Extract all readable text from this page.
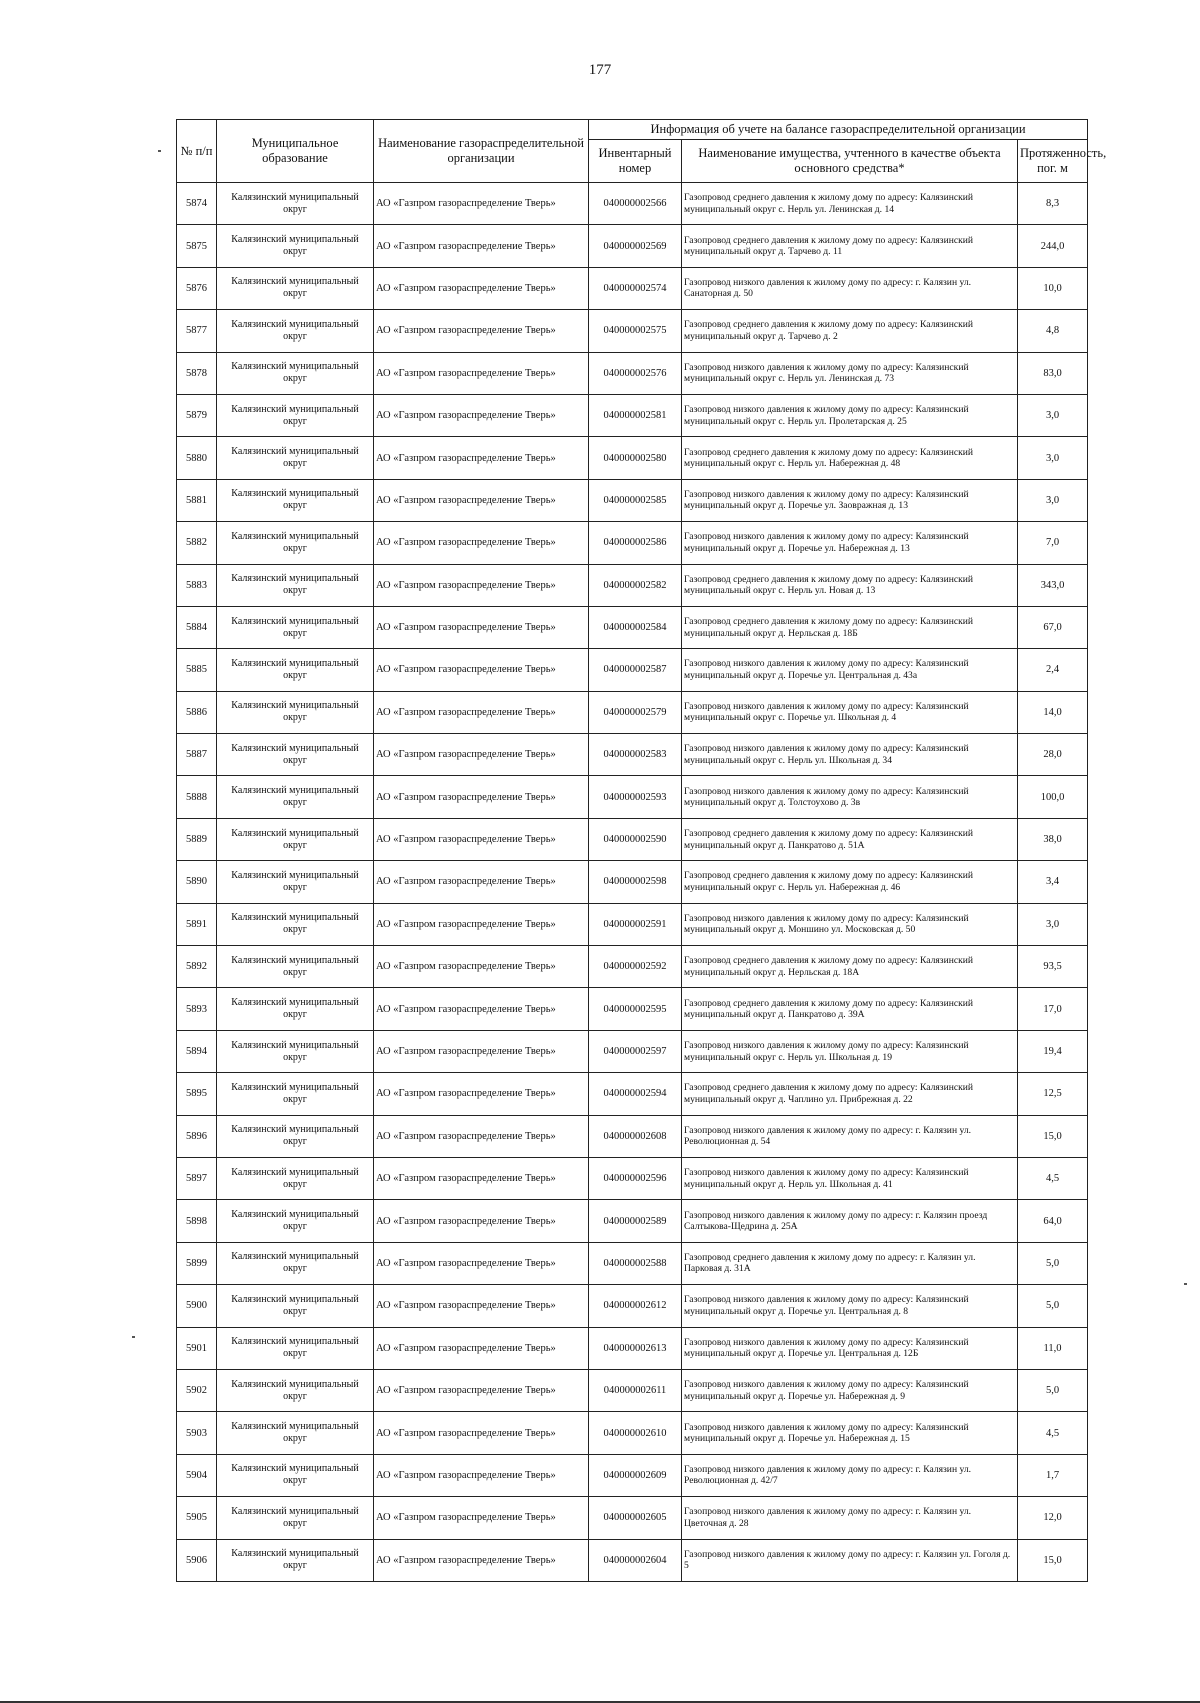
177
№ п/п	Муниципальное образование	Наименование газораспределительной организации	Информация об учете на балансе газораспределительной организации		
			Инвентарный номер	Наименование имущества, учтенного в качестве объекта основного средства*	Протяженность, пог. м
5874	Калязинский муниципальный округ	АО «Газпром газораспределение Тверь»	040000002566	Газопровод среднего давления к жилому дому по адресу: Калязинский муниципальный округ с. Нерль ул. Ленинская д. 14	8,3
5875	Калязинский муниципальный округ	АО «Газпром газораспределение Тверь»	040000002569	Газопровод среднего давления к жилому дому по адресу: Калязинский муниципальный округ д. Тарчево д. 11	244,0
5876	Калязинский муниципальный округ	АО «Газпром газораспределение Тверь»	040000002574	Газопровод низкого давления к жилому дому по адресу: г. Калязин ул. Санаторная д. 50	10,0
5877	Калязинский муниципальный округ	АО «Газпром газораспределение Тверь»	040000002575	Газопровод среднего давления к жилому дому по адресу: Калязинский муниципальный округ д. Тарчево д. 2	4,8
5878	Калязинский муниципальный округ	АО «Газпром газораспределение Тверь»	040000002576	Газопровод низкого давления к жилому дому по адресу: Калязинский муниципальный округ с. Нерль ул. Ленинская д. 73	83,0
5879	Калязинский муниципальный округ	АО «Газпром газораспределение Тверь»	040000002581	Газопровод низкого давления к жилому дому по адресу: Калязинский муниципальный округ с. Нерль ул. Пролетарская д. 25	3,0
5880	Калязинский муниципальный округ	АО «Газпром газораспределение Тверь»	040000002580	Газопровод среднего давления к жилому дому по адресу: Калязинский муниципальный округ с. Нерль ул. Набережная д. 48	3,0
5881	Калязинский муниципальный округ	АО «Газпром газораспределение Тверь»	040000002585	Газопровод низкого давления к жилому дому по адресу: Калязинский муниципальный округ д. Поречье ул. Заовражная д. 13	3,0
5882	Калязинский муниципальный округ	АО «Газпром газораспределение Тверь»	040000002586	Газопровод низкого давления к жилому дому по адресу: Калязинский муниципальный округ д. Поречье ул. Набережная д. 13	7,0
5883	Калязинский муниципальный округ	АО «Газпром газораспределение Тверь»	040000002582	Газопровод среднего давления к жилому дому по адресу: Калязинский муниципальный округ с. Нерль ул. Новая д. 13	343,0
5884	Калязинский муниципальный округ	АО «Газпром газораспределение Тверь»	040000002584	Газопровод среднего давления к жилому дому по адресу: Калязинский муниципальный округ д. Нерльская д. 18Б	67,0
5885	Калязинский муниципальный округ	АО «Газпром газораспределение Тверь»	040000002587	Газопровод низкого давления к жилому дому по адресу: Калязинский муниципальный округ д. Поречье ул. Центральная д. 43а	2,4
5886	Калязинский муниципальный округ	АО «Газпром газораспределение Тверь»	040000002579	Газопровод низкого давления к жилому дому по адресу: Калязинский муниципальный округ с. Поречье ул. Школьная д. 4	14,0
5887	Калязинский муниципальный округ	АО «Газпром газораспределение Тверь»	040000002583	Газопровод низкого давления к жилому дому по адресу: Калязинский муниципальный округ с. Нерль ул. Школьная д. 34	28,0
5888	Калязинский муниципальный округ	АО «Газпром газораспределение Тверь»	040000002593	Газопровод низкого давления к жилому дому по адресу: Калязинский муниципальный округ д. Толстоухово д. 3в	100,0
5889	Калязинский муниципальный округ	АО «Газпром газораспределение Тверь»	040000002590	Газопровод среднего давления к жилому дому по адресу: Калязинский муниципальный округ д. Панкратово д. 51А	38,0
5890	Калязинский муниципальный округ	АО «Газпром газораспределение Тверь»	040000002598	Газопровод среднего давления к жилому дому по адресу: Калязинский муниципальный округ с. Нерль ул. Набережная д. 46	3,4
5891	Калязинский муниципальный округ	АО «Газпром газораспределение Тверь»	040000002591	Газопровод низкого давления к жилому дому по адресу: Калязинский муниципальный округ д. Моншино ул. Московская д. 50	3,0
5892	Калязинский муниципальный округ	АО «Газпром газораспределение Тверь»	040000002592	Газопровод среднего давления к жилому дому по адресу: Калязинский муниципальный округ д. Нерльская д. 18А	93,5
5893	Калязинский муниципальный округ	АО «Газпром газораспределение Тверь»	040000002595	Газопровод среднего давления к жилому дому по адресу: Калязинский муниципальный округ д. Панкратово д. 39А	17,0
5894	Калязинский муниципальный округ	АО «Газпром газораспределение Тверь»	040000002597	Газопровод низкого давления к жилому дому по адресу: Калязинский муниципальный округ с. Нерль ул. Школьная д. 19	19,4
5895	Калязинский муниципальный округ	АО «Газпром газораспределение Тверь»	040000002594	Газопровод среднего давления к жилому дому по адресу: Калязинский муниципальный округ д. Чаплино ул. Прибрежная д. 22	12,5
5896	Калязинский муниципальный округ	АО «Газпром газораспределение Тверь»	040000002608	Газопровод низкого давления к жилому дому по адресу: г. Калязин ул. Революционная д. 54	15,0
5897	Калязинский муниципальный округ	АО «Газпром газораспределение Тверь»	040000002596	Газопровод низкого давления к жилому дому по адресу: Калязинский муниципальный округ д. Нерль ул. Школьная д. 41	4,5
5898	Калязинский муниципальный округ	АО «Газпром газораспределение Тверь»	040000002589	Газопровод низкого давления к жилому дому по адресу: г. Калязин проезд Салтыкова-Щедрина д. 25А	64,0
5899	Калязинский муниципальный округ	АО «Газпром газораспределение Тверь»	040000002588	Газопровод среднего давления к жилому дому по адресу: г. Калязин ул. Парковая д. 31А	5,0
5900	Калязинский муниципальный округ	АО «Газпром газораспределение Тверь»	040000002612	Газопровод низкого давления к жилому дому по адресу: Калязинский муниципальный округ д. Поречье ул. Центральная д. 8	5,0
5901	Калязинский муниципальный округ	АО «Газпром газораспределение Тверь»	040000002613	Газопровод низкого давления к жилому дому по адресу: Калязинский муниципальный округ д. Поречье ул. Центральная д. 12Б	11,0
5902	Калязинский муниципальный округ	АО «Газпром газораспределение Тверь»	040000002611	Газопровод низкого давления к жилому дому по адресу: Калязинский муниципальный округ д. Поречье ул. Набережная д. 9	5,0
5903	Калязинский муниципальный округ	АО «Газпром газораспределение Тверь»	040000002610	Газопровод низкого давления к жилому дому по адресу: Калязинский муниципальный округ д. Поречье ул. Набережная д. 15	4,5
5904	Калязинский муниципальный округ	АО «Газпром газораспределение Тверь»	040000002609	Газопровод низкого давления к жилому дому по адресу: г. Калязин ул. Революционная д. 42/7	1,7
5905	Калязинский муниципальный округ	АО «Газпром газораспределение Тверь»	040000002605	Газопровод низкого давления к жилому дому по адресу: г. Калязин ул. Цветочная д. 28	12,0
5906	Калязинский муниципальный округ	АО «Газпром газораспределение Тверь»	040000002604	Газопровод низкого давления к жилому дому по адресу: г. Калязин ул. Гоголя д. 5	15,0
